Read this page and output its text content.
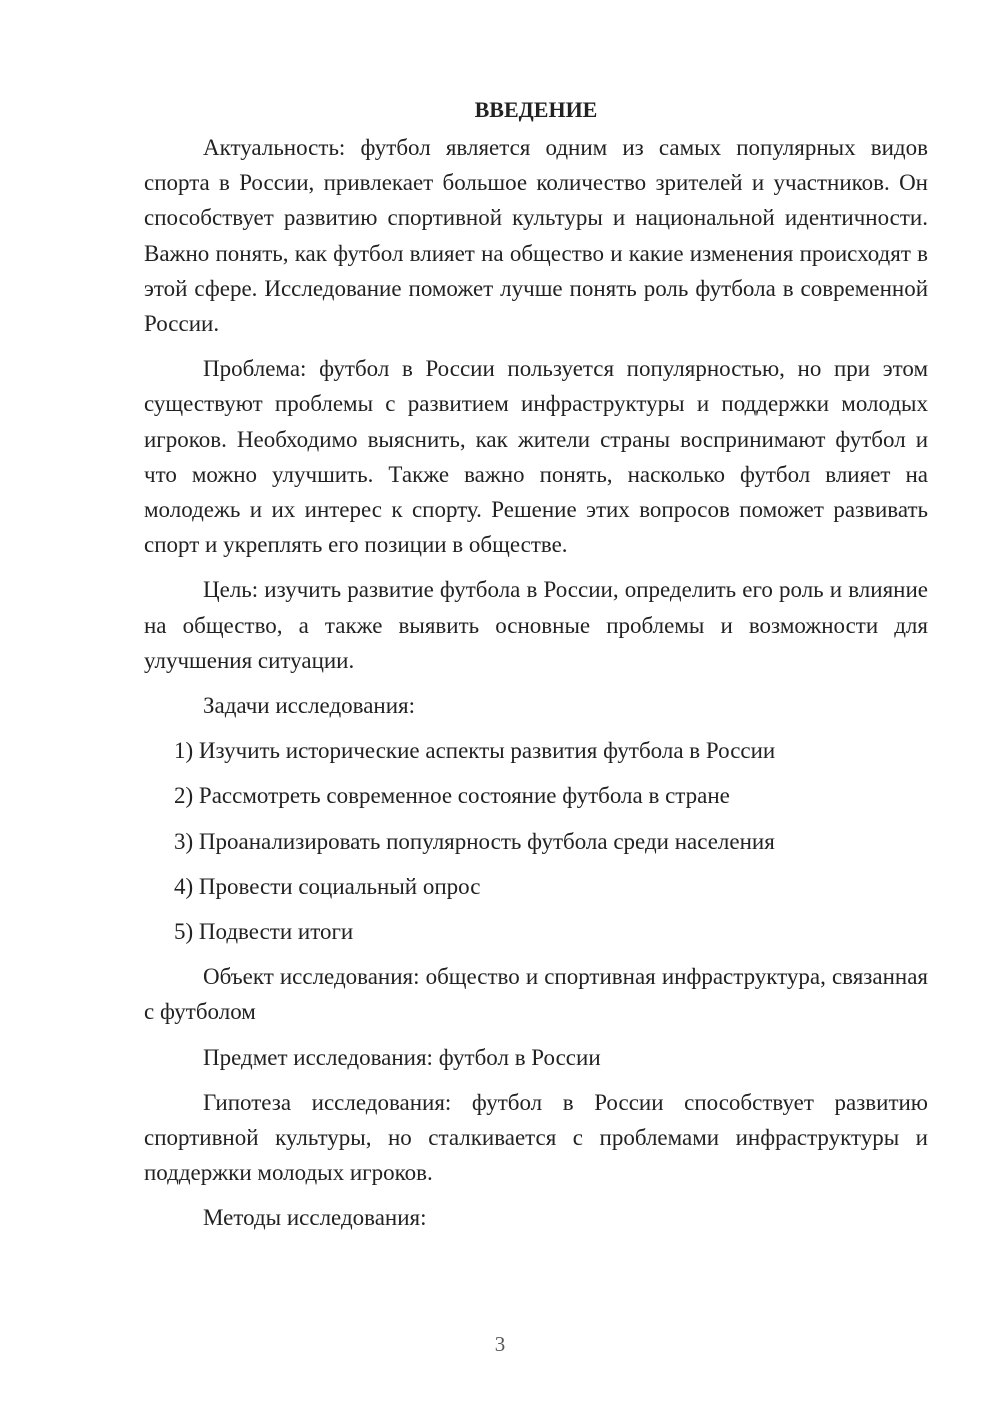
ВВЕДЕНИЕ

Актуальность: футбол является одним из самых популярных видов спорта в России, привлекает большое количество зрителей и участников. Он способствует развитию спортивной культуры и национальной идентичности. Важно понять, как футбол влияет на общество и какие изменения происходят в этой сфере. Исследование поможет лучше понять роль футбола в современной России.

Проблема: футбол в России пользуется популярностью, но при этом существуют проблемы с развитием инфраструктуры и поддержки молодых игроков. Необходимо выяснить, как жители страны воспринимают футбол и что можно улучшить. Также важно понять, насколько футбол влияет на молодежь и их интерес к спорту. Решение этих вопросов поможет развивать спорт и укреплять его позиции в обществе.

Цель: изучить развитие футбола в России, определить его роль и влияние на общество, а также выявить основные проблемы и возможности для улучшения ситуации.

Задачи исследования:

1) Изучить исторические аспекты развития футбола в России
2) Рассмотреть современное состояние футбола в стране
3) Проанализировать популярность футбола среди населения
4) Провести социальный опрос
5) Подвести итоги

Объект исследования: общество и спортивная инфраструктура, связанная с футболом

Предмет исследования: футбол в России

Гипотеза исследования: футбол в России способствует развитию спортивной культуры, но сталкивается с проблемами инфраструктуры и поддержки молодых игроков.

Методы исследования:

3
